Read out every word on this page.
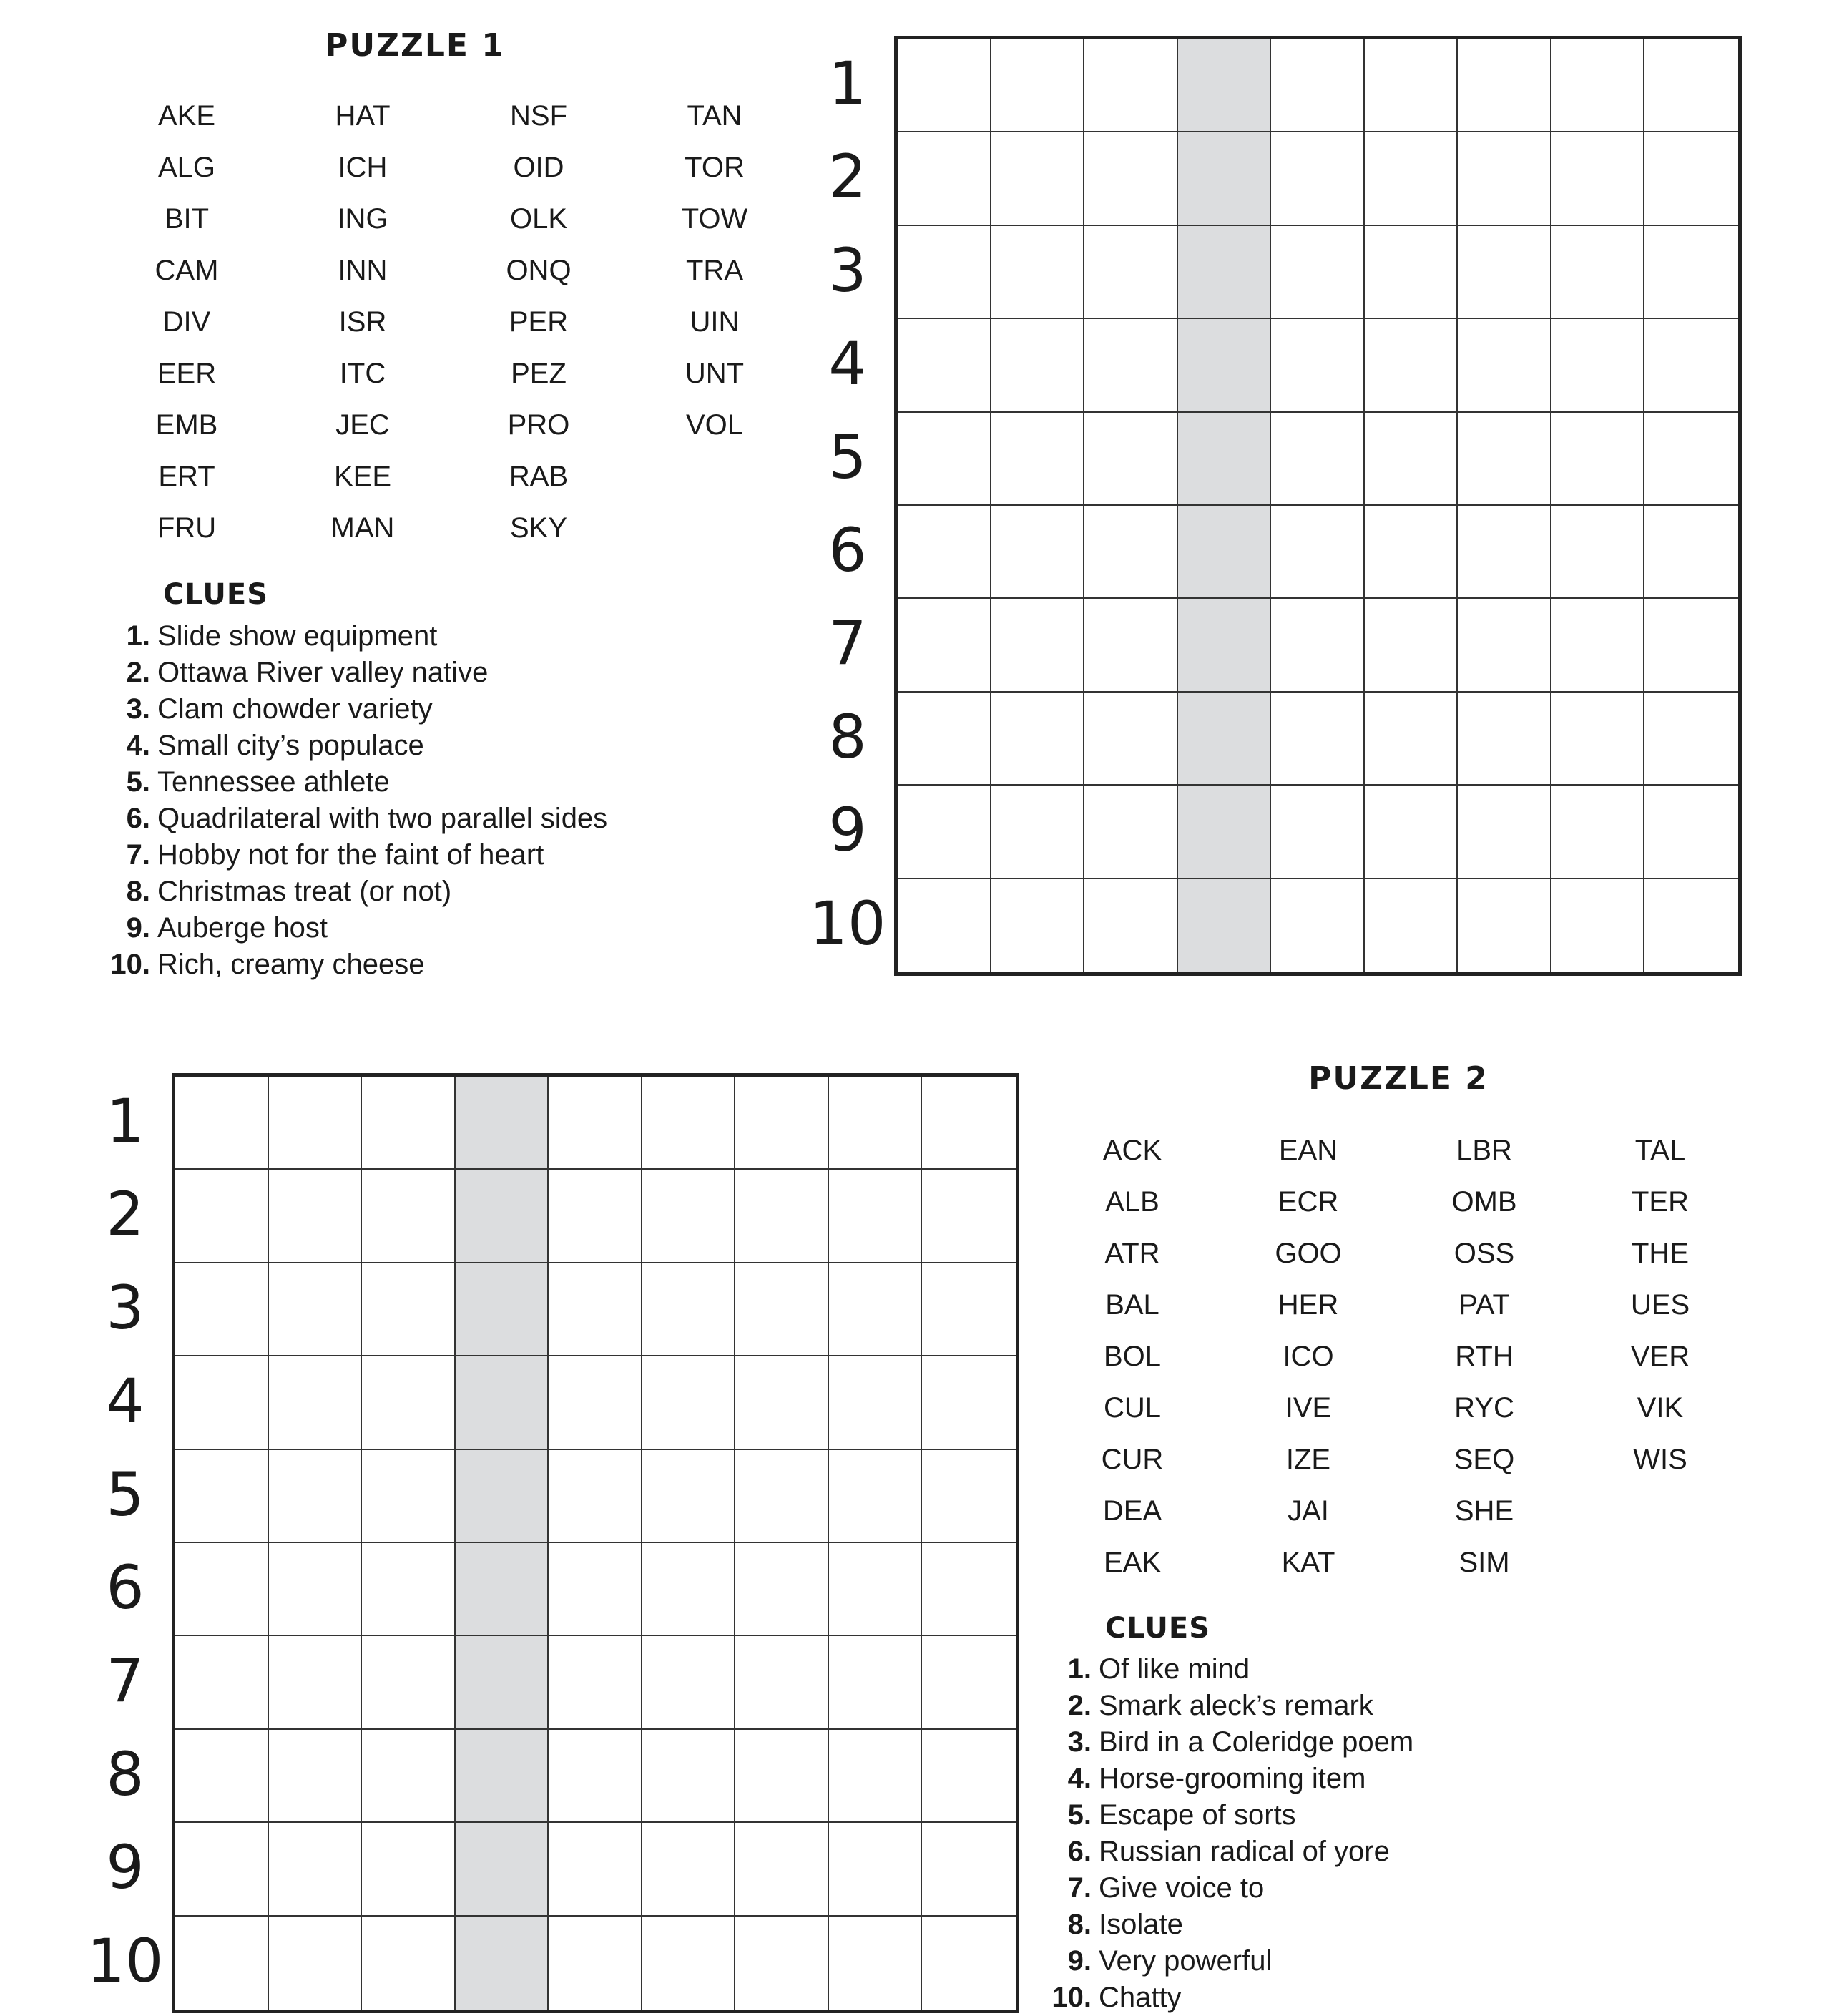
PUZZLE 1
AKE	HAT	NSF	TAN
ALG	ICH	OID	TOR
BIT	ING	OLK	TOW
CAM	INN	ONQ	TRA
DIV	ISR	PER	UIN
EER	ITC	PEZ	UNT
EMB	JEC	PRO	VOL
ERT	KEE	RAB
FRU	MAN	SKY
CLUES
1. Slide show equipment
2. Ottawa River valley native
3. Clam chowder variety
4. Small city’s populace
5. Tennessee athlete
6. Quadrilateral with two parallel sides
7. Hobby not for the faint of heart
8. Christmas treat (or not)
9. Auberge host
10. Rich, creamy cheese
1
2
3
4
5
6
7
8
9
10
1
2
3
4
5
6
7
8
9
10
PUZZLE 2
ACK	EAN	LBR	TAL
ALB	ECR	OMB	TER
ATR	GOO	OSS	THE
BAL	HER	PAT	UES
BOL	ICO	RTH	VER
CUL	IVE	RYC	VIK
CUR	IZE	SEQ	WIS
DEA	JAI	SHE
EAK	KAT	SIM
CLUES
1. Of like mind
2. Smark aleck’s remark
3. Bird in a Coleridge poem
4. Horse-grooming item
5. Escape of sorts
6. Russian radical of yore
7. Give voice to
8. Isolate
9. Very powerful
10. Chatty
